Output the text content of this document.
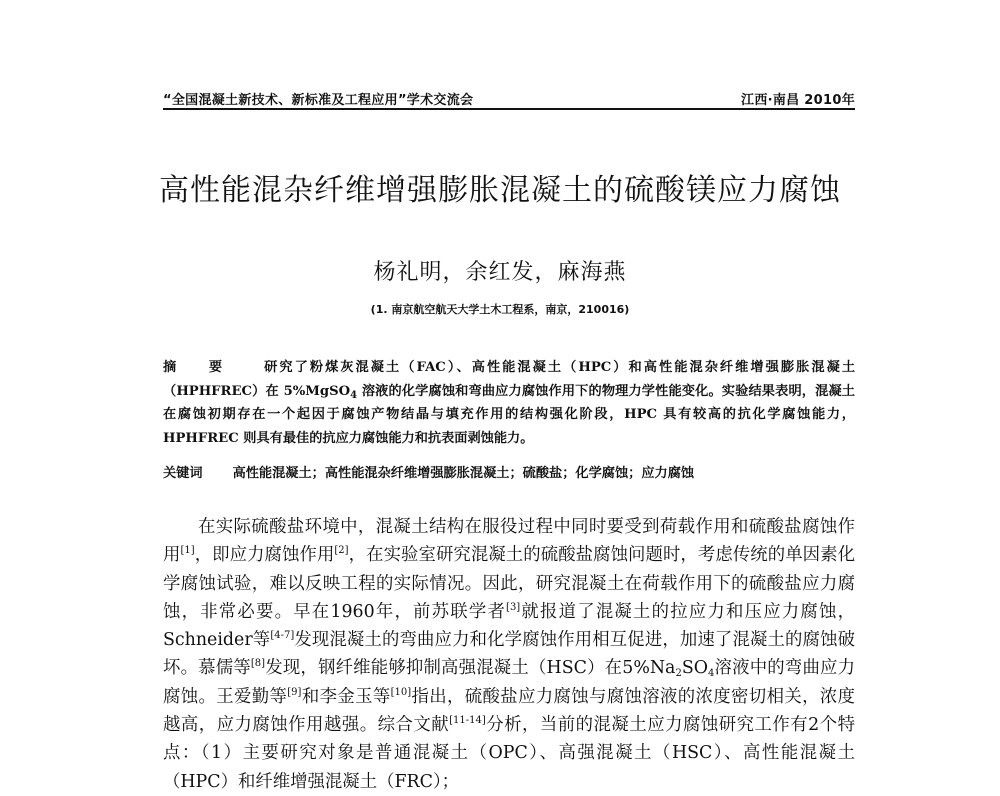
“全国混凝土新技术、新标准及工程应用”学术交流会	江西·南昌 2010年
高性能混杂纤维增强膨胀混凝土的硫酸镁应力腐蚀
杨礼明，余红发，麻海燕
(1. 南京航空航天大学土木工程系，南京，210016)
摘 要 研究了粉煤灰混凝土（FAC）、高性能混凝土（HPC）和高性能混杂纤维增强膨胀混凝土（HPHFREC）在 5%MgSO$_4$ 溶液的化学腐蚀和弯曲应力腐蚀作用下的物理力学性能变化。实验结果表明，混凝土在腐蚀初期存在一个起因于腐蚀产物结晶与填充作用的结构强化阶段，HPC 具有较高的抗化学腐蚀能力，HPHFREC 则具有最佳的抗应力腐蚀能力和抗表面剥蚀能力。
关键词 高性能混凝土；高性能混杂纤维增强膨胀混凝土；硫酸盐；化学腐蚀；应力腐蚀
在实际硫酸盐环境中，混凝土结构在服役过程中同时要受到荷载作用和硫酸盐腐蚀作用[1]，即应力腐蚀作用[2]，在实验室研究混凝土的硫酸盐腐蚀问题时，考虑传统的单因素化学腐蚀试验，难以反映工程的实际情况。因此，研究混凝土在荷载作用下的硫酸盐应力腐蚀，非常必要。早在1960年，前苏联学者[3]就报道了混凝土的拉应力和压应力腐蚀，Schneider等[4-7]发现混凝土的弯曲应力和化学腐蚀作用相互促进，加速了混凝土的腐蚀破坏。慕儒等[8]发现，钢纤维能够抑制高强混凝土（HSC）在$5\%Na_2SO_4$溶液中的弯曲应力腐蚀。王爱勤等[9]和李金玉等[10]指出，硫酸盐应力腐蚀与腐蚀溶液的浓度密切相关，浓度越高，应力腐蚀作用越强。综合文献[11-14]分析，当前的混凝土应力腐蚀研究工作有2个特点：（1）主要研究对象是普通混凝土（OPC）、高强混凝土（HSC）、高性能混凝土（HPC）和纤维增强混凝土（FRC）；
